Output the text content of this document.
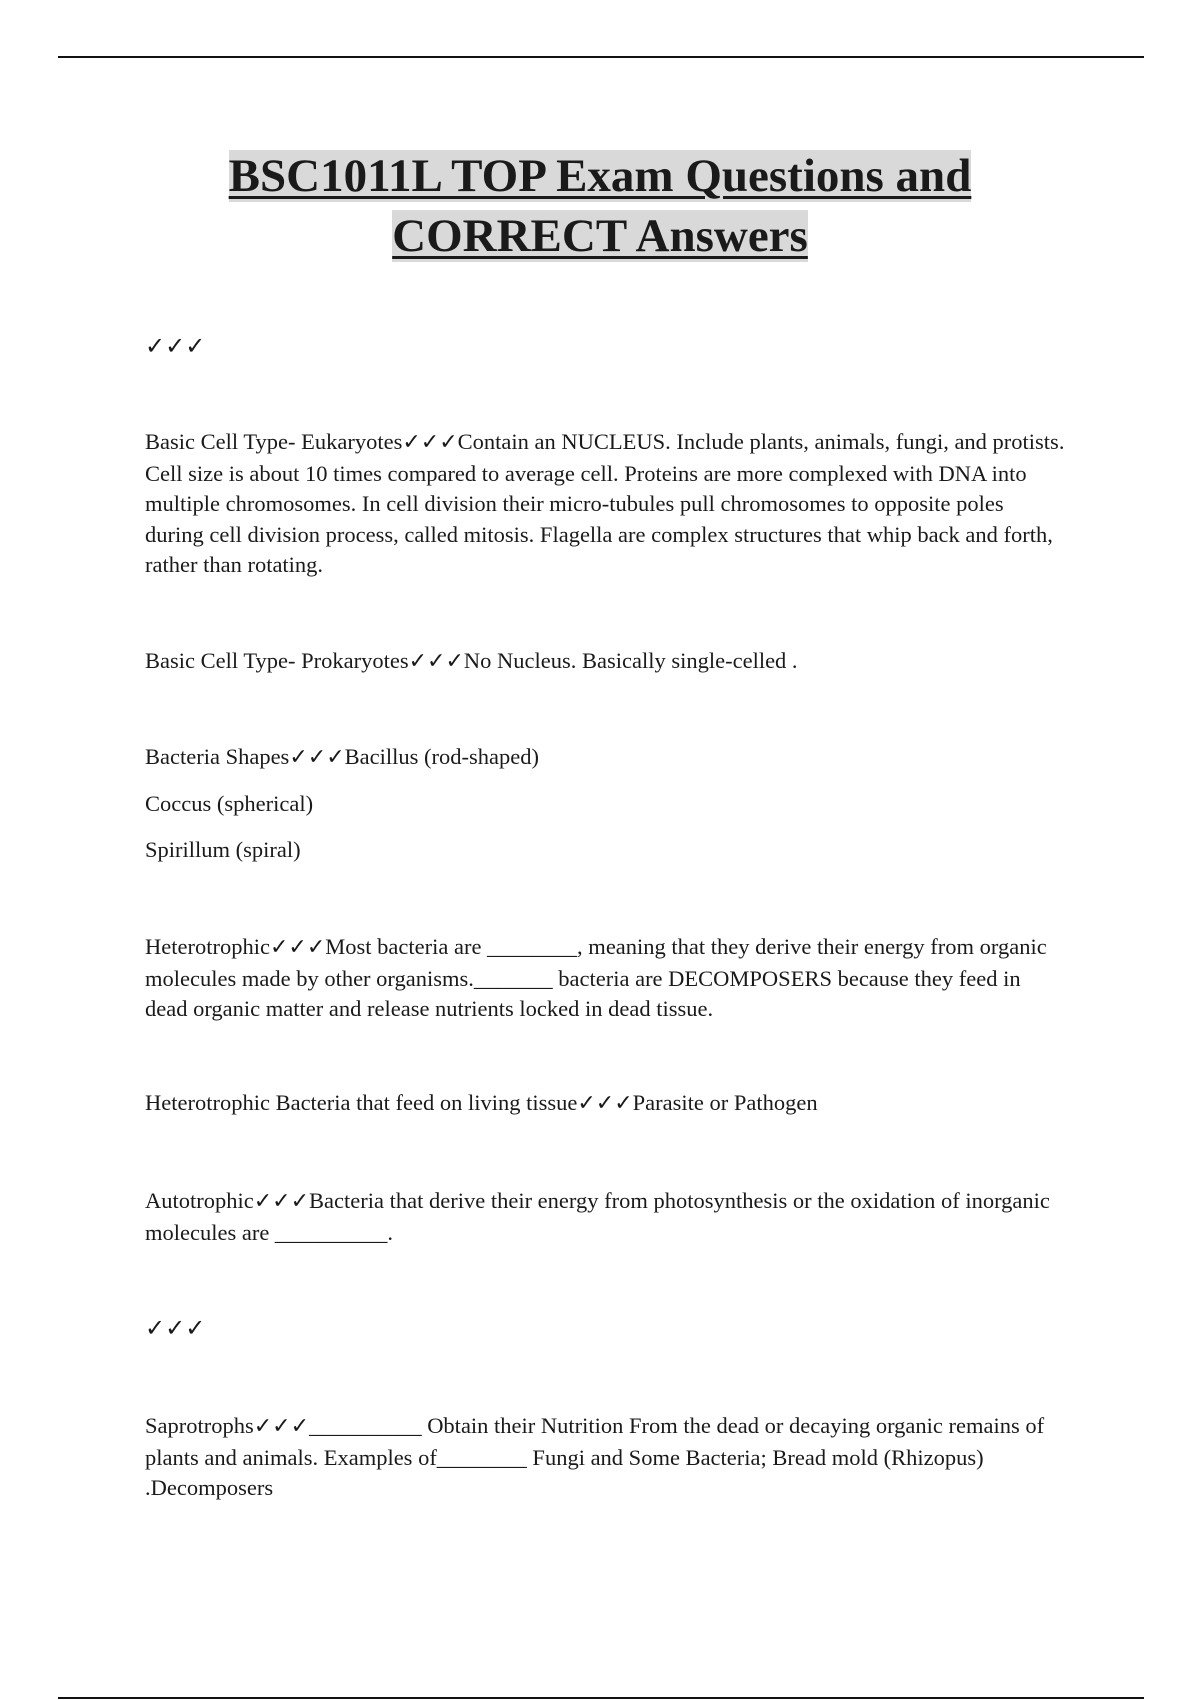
BSC1011L TOP Exam Questions and
CORRECT Answers
✓✓✓
Basic Cell Type- Eukaryotes✓✓✓Contain an NUCLEUS. Include plants, animals, fungi, and protists. Cell size is about 10 times compared to average cell. Proteins are more complexed with DNA into multiple chromosomes. In cell division their micro-tubules pull chromosomes to opposite poles during cell division process, called mitosis. Flagella are complex structures that whip back and forth, rather than rotating.
Basic Cell Type- Prokaryotes✓✓✓No Nucleus. Basically single-celled .
Bacteria Shapes✓✓✓Bacillus (rod-shaped)
Coccus (spherical)
Spirillum (spiral)
Heterotrophic✓✓✓Most bacteria are ________, meaning that they derive their energy from organic molecules made by other organisms._______ bacteria are DECOMPOSERS because they feed in dead organic matter and release nutrients locked in dead tissue.
Heterotrophic Bacteria that feed on living tissue✓✓✓Parasite or Pathogen
Autotrophic✓✓✓Bacteria that derive their energy from photosynthesis or the oxidation of inorganic molecules are __________.
✓✓✓
Saprotrophs✓✓✓__________ Obtain their Nutrition From the dead or decaying organic remains of plants and animals. Examples of________ Fungi and Some Bacteria; Bread mold (Rhizopus) .Decomposers
